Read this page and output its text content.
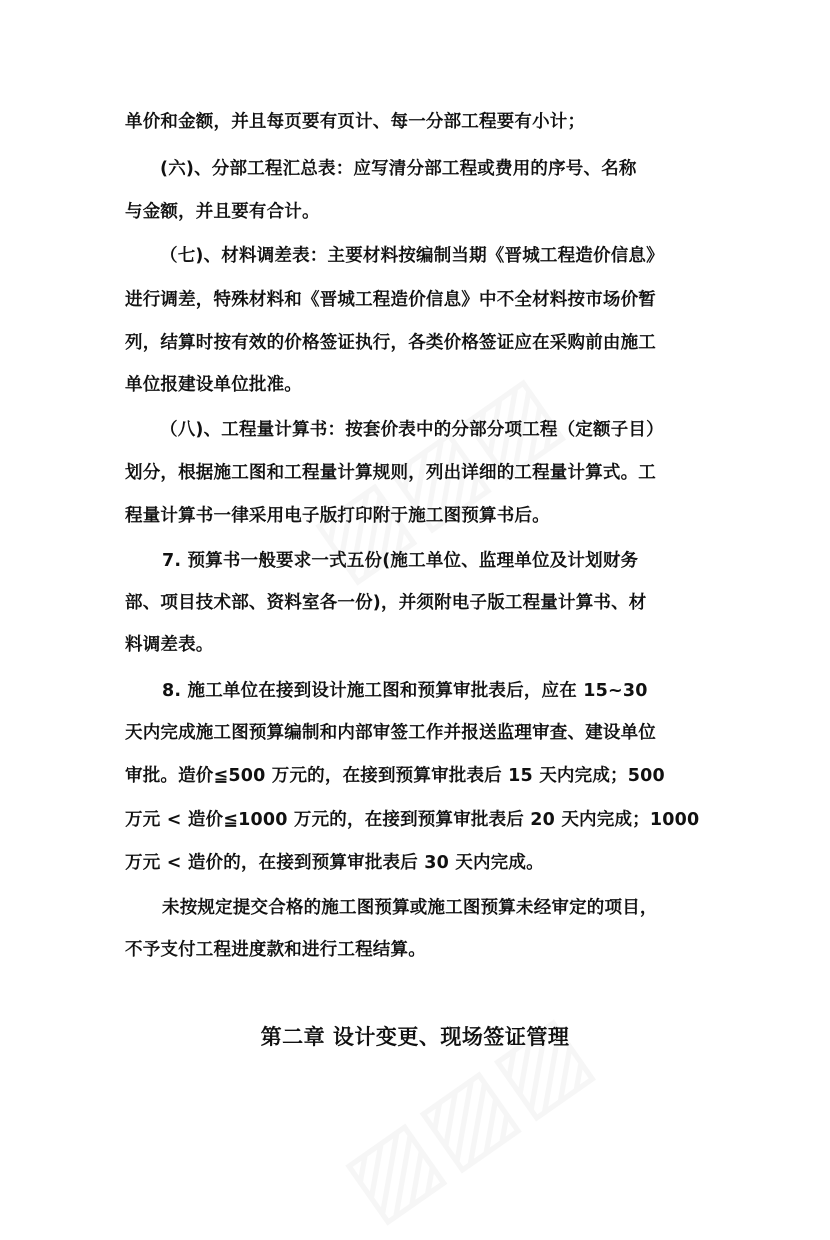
单价和金额，并且每页要有页计、每一分部工程要有小计；
(六)、分部工程汇总表：应写清分部工程或费用的序号、名称
与金额，并且要有合计。
（七)、材料调差表：主要材料按编制当期《晋城工程造价信息》
进行调差，特殊材料和《晋城工程造价信息》中不全材料按市场价暂
列，结算时按有效的价格签证执行，各类价格签证应在采购前由施工
单位报建设单位批准。
（八)、工程量计算书：按套价表中的分部分项工程（定额子目）
划分，根据施工图和工程量计算规则，列出详细的工程量计算式。工
程量计算书一律采用电子版打印附于施工图预算书后。
7. 预算书一般要求一式五份(施工单位、监理单位及计划财务
部、项目技术部、资料室各一份)，并须附电子版工程量计算书、材
料调差表。
8. 施工单位在接到设计施工图和预算审批表后，应在 15~30
天内完成施工图预算编制和内部审签工作并报送监理审查、建设单位
审批。造价≦500 万元的，在接到预算审批表后 15 天内完成；500
万元 < 造价≦1000 万元的，在接到预算审批表后 20 天内完成；1000
万元 < 造价的，在接到预算审批表后 30 天内完成。
未按规定提交合格的施工图预算或施工图预算未经审定的项目，
不予支付工程进度款和进行工程结算。
第二章 设计变更、现场签证管理
